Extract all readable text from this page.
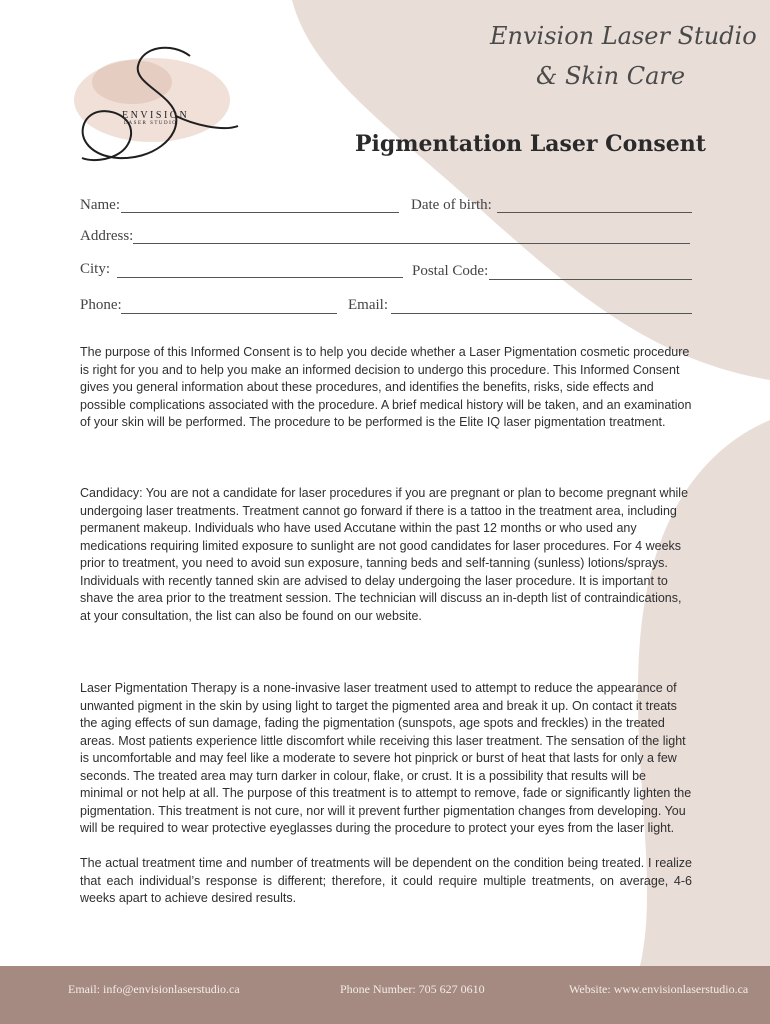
ENVISION
LASER STUDIO
Envision Laser Studio
& Skin Care
Pigmentation Laser Consent
Name:	Date of birth:
Address:
City:	Postal Code:
Phone:	Email:

The purpose of this Informed Consent is to help you decide whether a Laser Pigmentation cosmetic procedure is right for you and to help you make an informed decision to undergo this procedure. This Informed Consent gives you general information about these procedures, and identifies the benefits, risks, side effects and possible complications associated with the procedure. A brief medical history will be taken, and an examination of your skin will be performed. The procedure to be performed is the Elite IQ laser pigmentation treatment.

Candidacy: You are not a candidate for laser procedures if you are pregnant or plan to become pregnant while undergoing laser treatments. Treatment cannot go forward if there is a tattoo in the treatment area, including permanent makeup. Individuals who have used Accutane within the past 12 months or who used any medications requiring limited exposure to sunlight are not good candidates for laser procedures. For 4 weeks prior to treatment, you need to avoid sun exposure, tanning beds and self-tanning (sunless) lotions/sprays. Individuals with recently tanned skin are advised to delay undergoing the laser procedure. It is important to shave the area prior to the treatment session. The technician will discuss an in-depth list of contraindications, at your consultation, the list can also be found on our website.

Laser Pigmentation Therapy is a none-invasive laser treatment used to attempt to reduce the appearance of unwanted pigment in the skin by using light to target the pigmented area and break it up. On contact it treats the aging effects of sun damage, fading the pigmentation (sunspots, age spots and freckles) in the treated areas. Most patients experience little discomfort while receiving this laser treatment. The sensation of the light is uncomfortable and may feel like a moderate to severe hot pinprick or burst of heat that lasts for only a few seconds. The treated area may turn darker in colour, flake, or crust. It is a possibility that results will be minimal or not help at all. The purpose of this treatment is to attempt to remove, fade or significantly lighten the pigmentation. This treatment is not cure, nor will it prevent further pigmentation changes from developing. You will be required to wear protective eyeglasses during the procedure to protect your eyes from the laser light.

The actual treatment time and number of treatments will be dependent on the condition being treated. I realize that each individual’s response is different; therefore, it could require multiple treatments, on average, 4-6 weeks apart to achieve desired results.

Email: info@envisionlaserstudio.ca	Phone Number: 705 627 0610	Website: www.envisionlaserstudio.ca
